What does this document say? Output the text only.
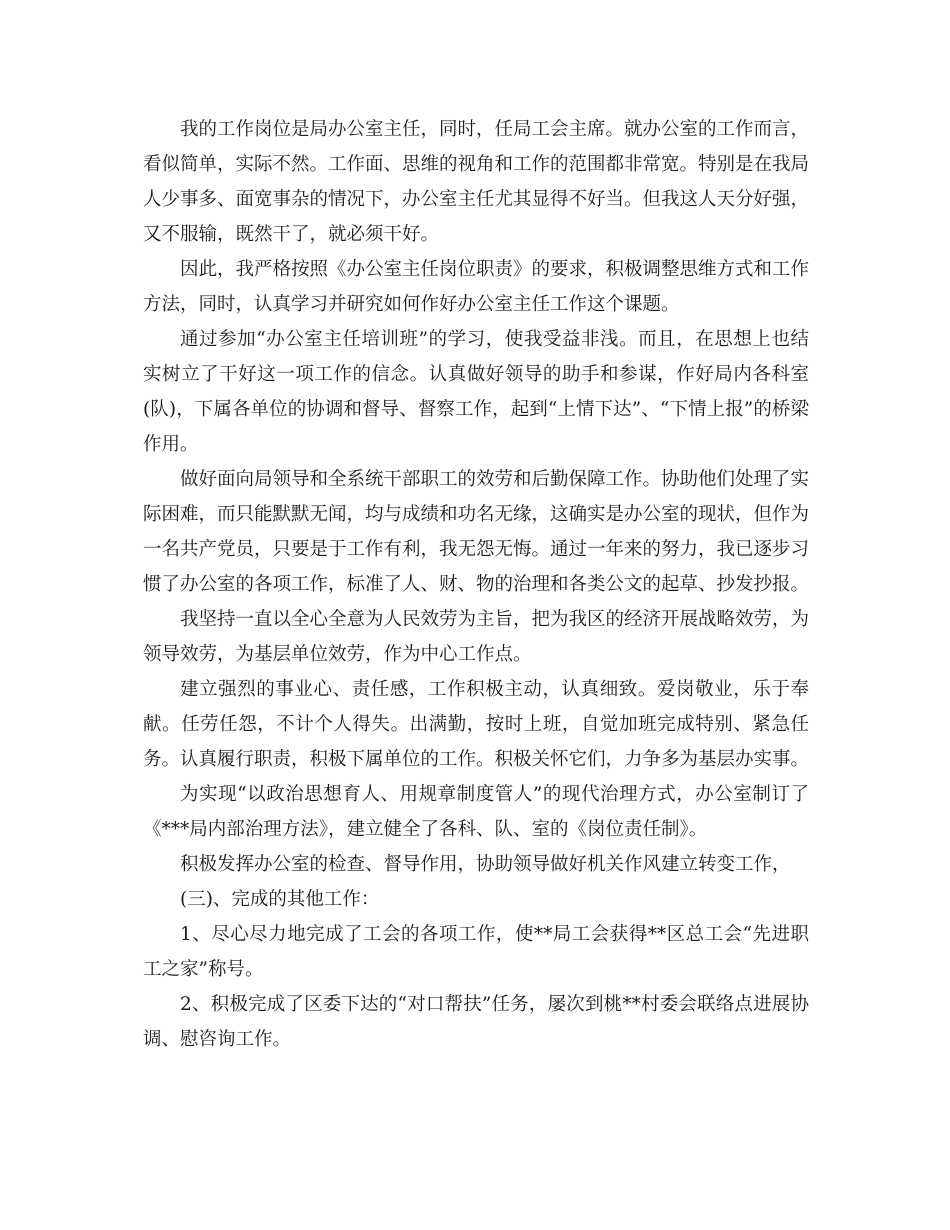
我的工作岗位是局办公室主任，同时，任局工会主席。就办公室的工作而言，看似简单，实际不然。工作面、思维的视角和工作的范围都非常宽。特别是在我局人少事多、面宽事杂的情况下，办公室主任尤其显得不好当。但我这人天分好强，又不服输，既然干了，就必须干好。

因此，我严格按照《办公室主任岗位职责》的要求，积极调整思维方式和工作方法，同时，认真学习并研究如何作好办公室主任工作这个课题。

通过参加“办公室主任培训班”的学习，使我受益非浅。而且，在思想上也结实树立了干好这一项工作的信念。认真做好领导的助手和参谋，作好局内各科室(队)，下属各单位的协调和督导、督察工作，起到“上情下达”、“下情上报”的桥梁作用。

做好面向局领导和全系统干部职工的效劳和后勤保障工作。协助他们处理了实际困难，而只能默默无闻，均与成绩和功名无缘，这确实是办公室的现状，但作为一名共产党员，只要是于工作有利，我无怨无悔。通过一年来的努力，我已逐步习惯了办公室的各项工作，标准了人、财、物的治理和各类公文的起草、抄发抄报。

我坚持一直以全心全意为人民效劳为主旨，把为我区的经济开展战略效劳，为领导效劳，为基层单位效劳，作为中心工作点。

建立强烈的事业心、责任感，工作积极主动，认真细致。爱岗敬业，乐于奉献。任劳任怨，不计个人得失。出满勤，按时上班，自觉加班完成特别、紧急任务。认真履行职责，积极下属单位的工作。积极关怀它们，力争多为基层办实事。

为实现“以政治思想育人、用规章制度管人”的现代治理方式，办公室制订了《***局内部治理方法》，建立健全了各科、队、室的《岗位责任制》。

积极发挥办公室的检查、督导作用，协助领导做好机关作风建立转变工作，

(三)、完成的其他工作：

1、尽心尽力地完成了工会的各项工作，使**局工会获得**区总工会“先进职工之家”称号。

2、积极完成了区委下达的“对口帮扶”任务，屡次到桃**村委会联络点进展协调、慰咨询工作。
